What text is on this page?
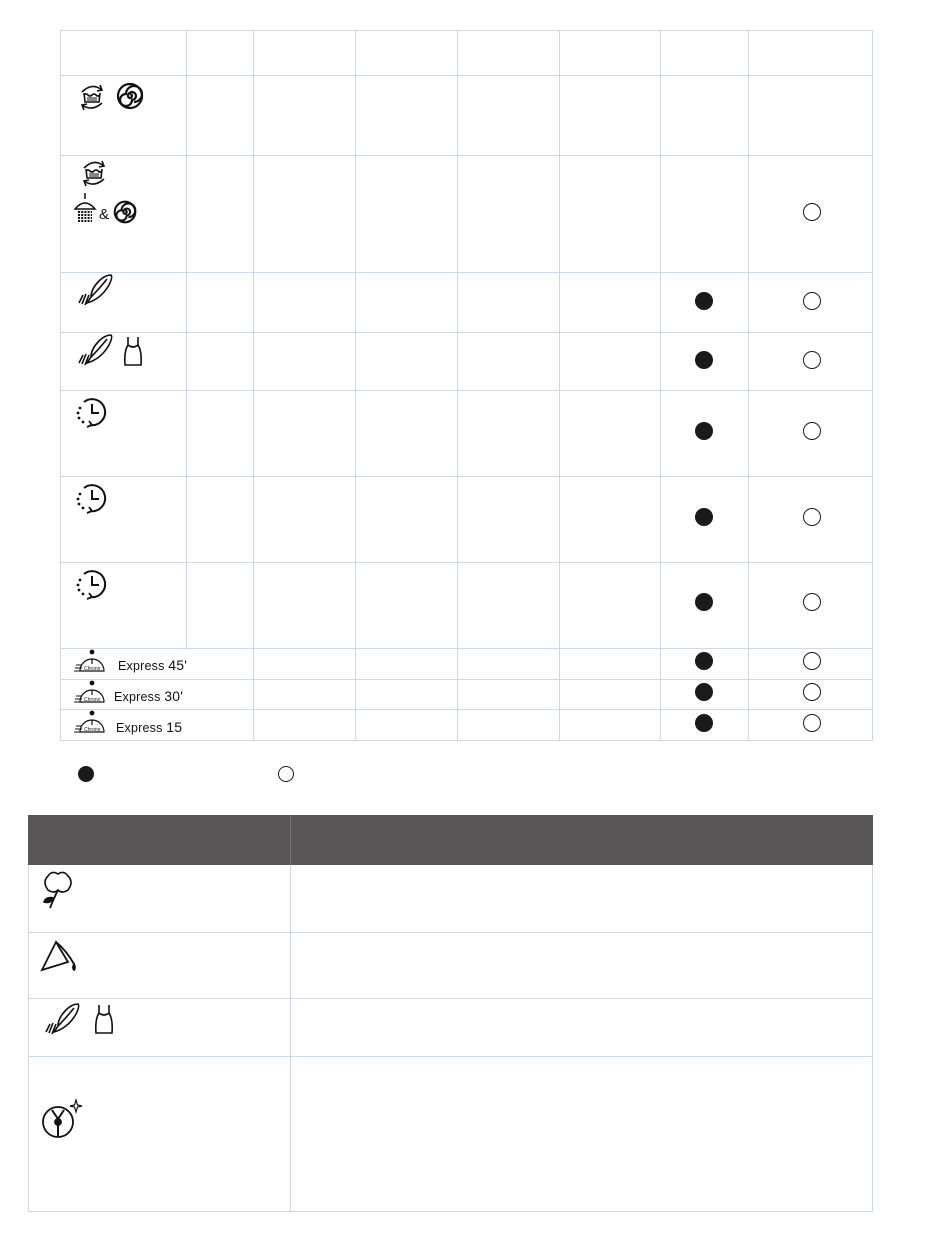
&
Chrono Express 45'
Chrono Express 30'
Chrono Express 15
